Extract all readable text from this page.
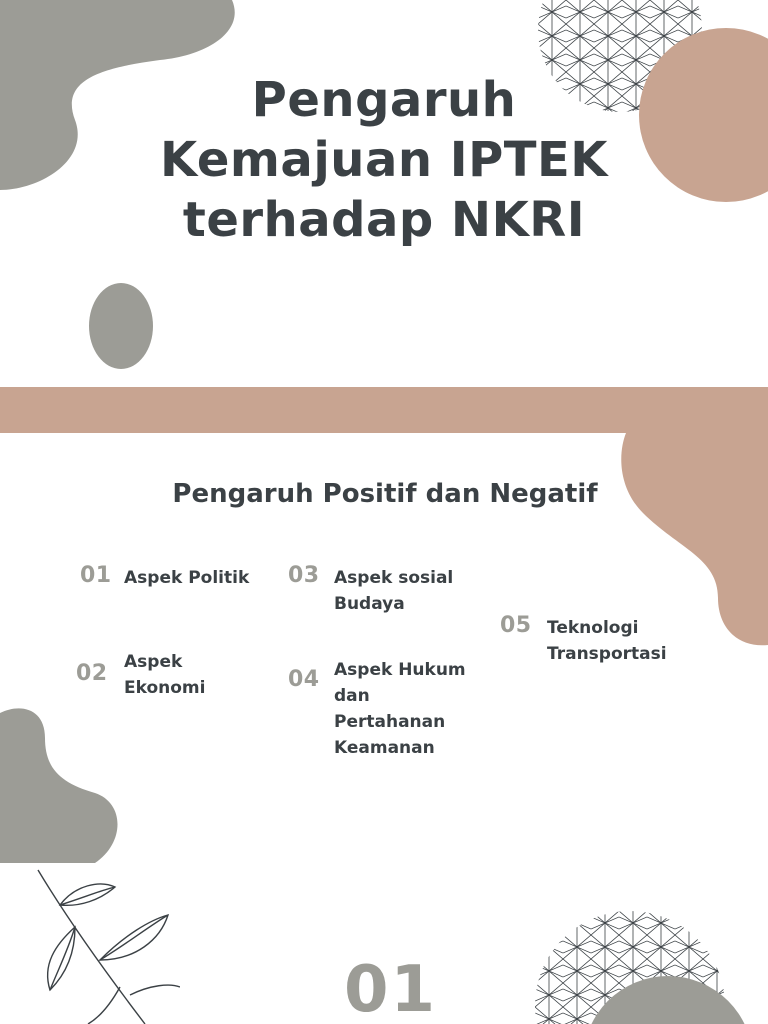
Pengaruh
Kemajuan IPTEK
terhadap NKRI
Pengaruh Positif dan Negatif
01 Aspek Politik
02 Aspek
Ekonomi
03 Aspek sosial
Budaya
04 Aspek Hukum
dan
Pertahanan
Keamanan
05 Teknologi
Transportasi
01
